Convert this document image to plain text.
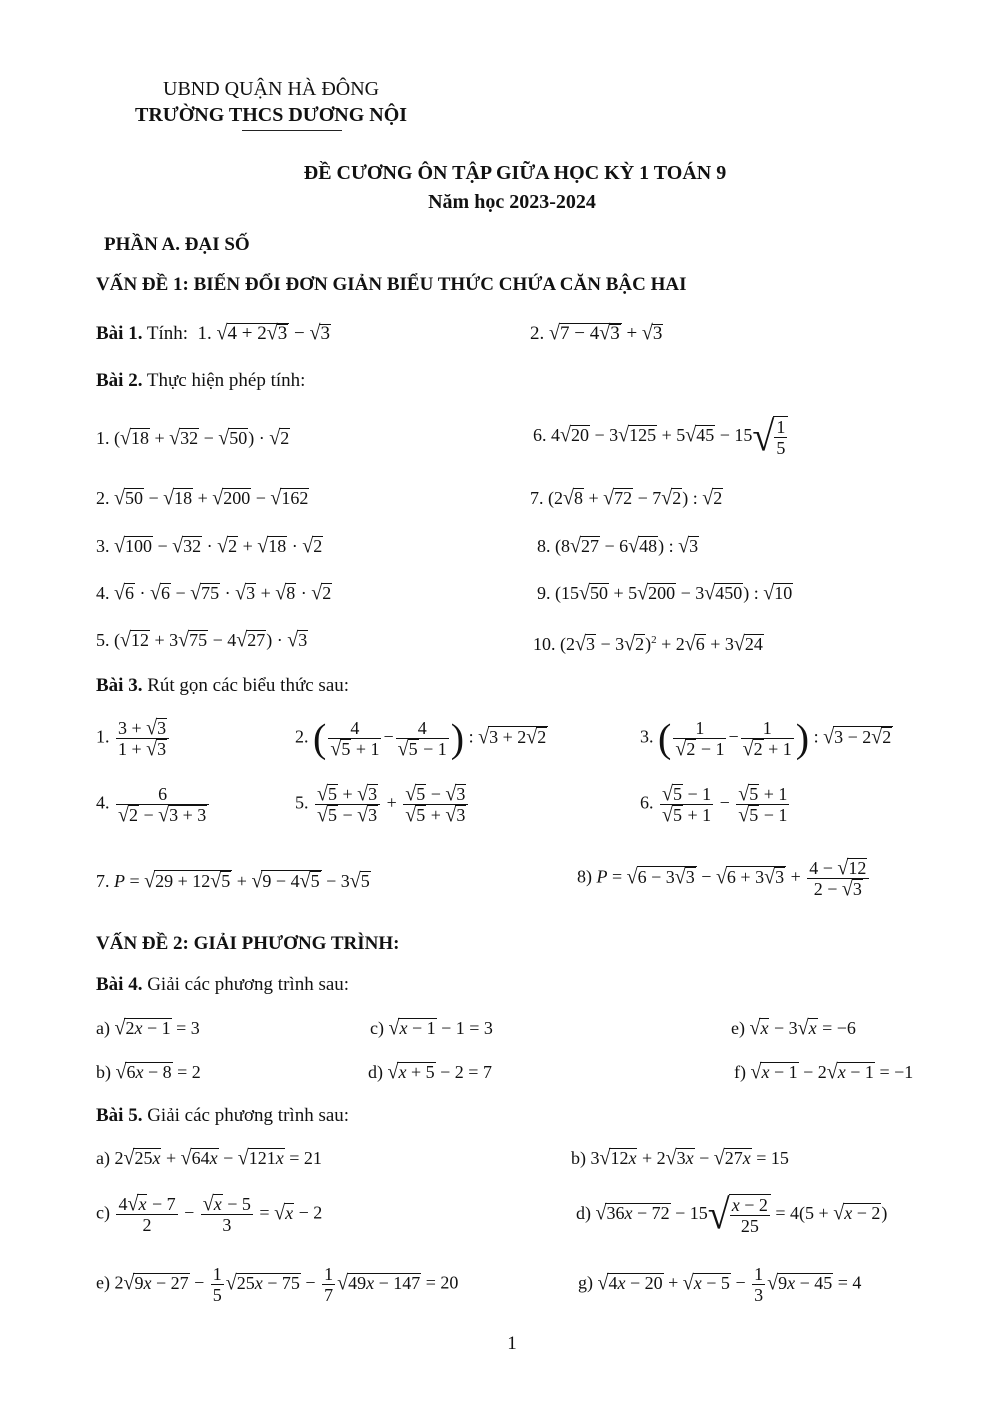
UBND QUẬN HÀ ĐÔNG
TRƯỜNG THCS DƯƠNG NỘI
ĐỀ CƯƠNG ÔN TẬP GIỮA HỌC KỲ 1 TOÁN 9
Năm học 2023-2024
PHẦN A. ĐẠI SỐ
VẤN ĐỀ 1: BIẾN ĐỔI ĐƠN GIẢN BIỂU THỨC CHỨA CĂN BẬC HAI
Bài 1. Tính: 1. √4 + 2√3 − √3	2. √7 − 4√3 + √3
Bài 2. Thực hiện phép tính:
1. (√18 + √32 − √50) · √2	6. $4√20 - 3√125 + 5√45 - 15√ \frac{1}{5}$
2. √50 − √18 + √200 − √162	7. (2√8 + √72 − 7√2) : √2
3. √100 − √32 · √2 + √18 · √2	8. (8√27 − 6√48) : √3
4. √6 · √6 − √75 · √3 + √8 · √2	9. (15√50 + 5√200 − 3√450) : √10
5. (√12 + 3√75 − 4√27) · √3	10. $(2√3 - 3√2)^2 + 2√6 + 3√24$
Bài 3. Rút gọn các biểu thức sau:
1. $\frac{3 + √3}{1 + √3}$	2. ( $\frac{4}{√5 + 1} - \frac{4}{√5 - 1}$ ) : √3 + 2√2	3. ( $\frac{1}{√2 - 1} - \frac{1}{√2 + 1}$ ) : √3 − 2√2
4. $\frac{6}{√2 - √3 + 3}$	5. $\frac{√5 + √3}{√5 - √3} + \frac{√5 - √3}{√5 + √3}$	6. $\frac{√5 - 1}{√5 + 1} - \frac{√5 + 1}{√5 - 1}$
7. P = √29 + 12√5 + √9 − 4√5 − 3√5	8) $P = √6 - 3√3 - √6 + 3√3 + \frac{4 - √12}{2 - √3}$
VẤN ĐỀ 2: GIẢI PHƯƠNG TRÌNH:
Bài 4. Giải các phương trình sau:
a) √2x − 1 = 3	c) √x − 1 − 1 = 3	e) √x − 3√x = −6
b) √6x − 8 = 2	d) √x + 5 − 2 = 7	f) √x − 1 − 2√x − 1 = −1
Bài 5. Giải các phương trình sau:
a) 2√25x + √64x − √121x = 21	b) 3√12x + 2√3x − √27x = 15
$c) \frac{4√x - 7}{2} - \frac{√x - 5}{3} = √x - 2$	d) $√36x - 72 - 15√ \frac{x - 2}{25} = 4(5 + √x - 2)$
e) $2√9x - 27 - \frac{1}{5} √25x - 75 - \frac{1}{7} √49x - 147 = 20$	g) $√4x - 20 + √x - 5 - \frac{1}{3} √9x - 45 = 4$
1
